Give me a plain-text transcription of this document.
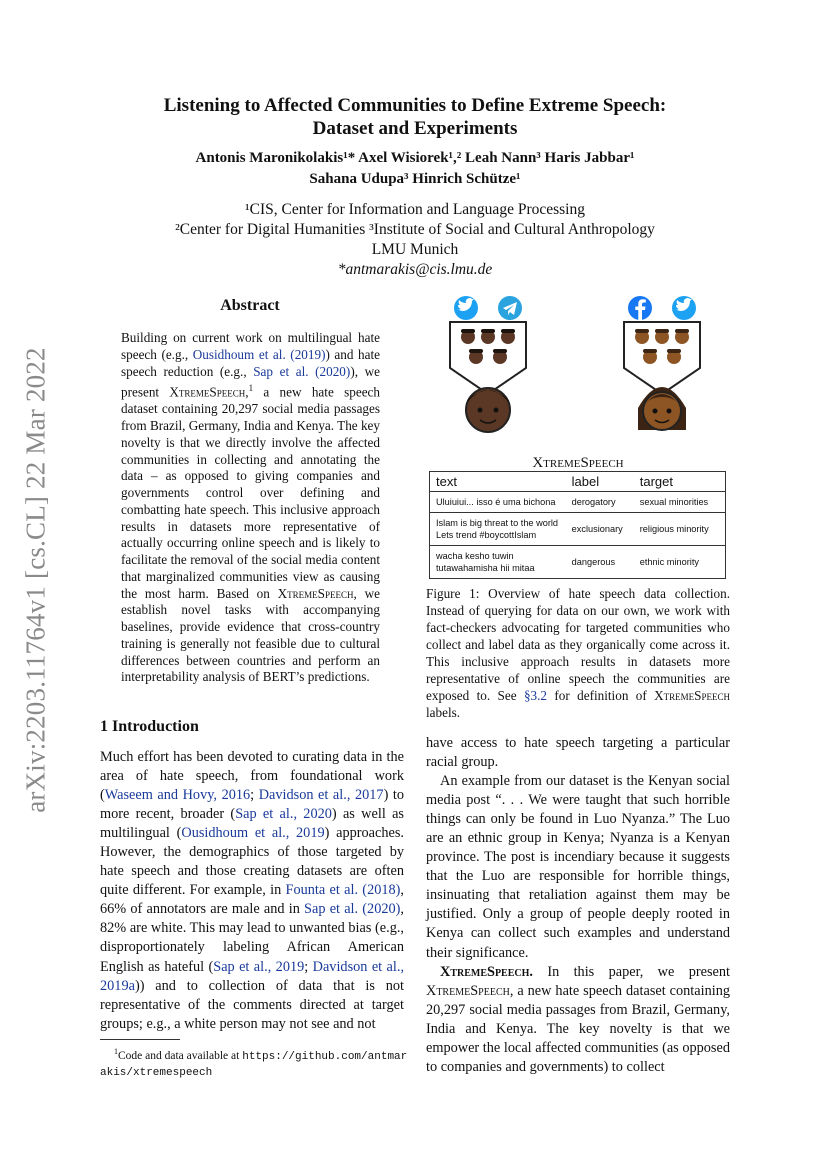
arXiv:2203.11764v1 [cs.CL] 22 Mar 2022
Listening to Affected Communities to Define Extreme Speech:
Dataset and Experiments
Antonis Maronikolakis¹* Axel Wisiorek¹,² Leah Nann³ Haris Jabbar¹
Sahana Udupa³ Hinrich Schütze¹
¹CIS, Center for Information and Language Processing
²Center for Digital Humanities ³Institute of Social and Cultural Anthropology
LMU Munich
*antmarakis@cis.lmu.de
Abstract
Building on current work on multilingual hate speech (e.g., Ousidhoum et al. (2019)) and hate speech reduction (e.g., Sap et al. (2020)), we present XtremeSpeech,$^1$ a new hate speech dataset containing 20,297 social media passages from Brazil, Germany, India and Kenya. The key novelty is that we directly involve the affected communities in collecting and annotating the data – as opposed to giving companies and governments control over defining and combatting hate speech. This inclusive approach results in datasets more representative of actually occurring online speech and is likely to facilitate the removal of the social media content that marginalized communities view as causing the most harm. Based on XtremeSpeech, we establish novel tasks with accompanying baselines, provide evidence that cross-country training is generally not feasible due to cultural differences between countries and perform an interpretability analysis of BERT’s predictions.
XtremeSpeech
text	label	target
Uluiuiui... isso é uma bichona	derogatory	sexual minorities
Islam is big threat to the world Lets trend #boycottIslam	exclusionary	religious minority
wacha kesho tuwin tutawahamisha hii mitaa	dangerous	ethnic minority
Figure 1: Overview of hate speech data collection. Instead of querying for data on our own, we work with fact-checkers advocating for targeted communities who collect and label data as they organically come across it. This inclusive approach results in datasets more representative of online speech the communities are exposed to. See §3.2 for definition of XtremeSpeech labels.
1 Introduction

Much effort has been devoted to curating data in the area of hate speech, from foundational work (Waseem and Hovy, 2016; Davidson et al., 2017) to more recent, broader (Sap et al., 2020) as well as multilingual (Ousidhoum et al., 2019) approaches. However, the demographics of those targeted by hate speech and those creating datasets are often quite different. For example, in Founta et al. (2018), 66% of annotators are male and in Sap et al. (2020), 82% are white. This may lead to unwanted bias (e.g., disproportionately labeling African American English as hateful (Sap et al., 2019; Davidson et al., 2019a)) and to collection of data that is not representative of the comments directed at target groups; e.g., a white person may not see and not

have access to hate speech targeting a particular racial group.

An example from our dataset is the Kenyan social media post “. . . We were taught that such horrible things can only be found in Luo Nyanza.” The Luo are an ethnic group in Kenya; Nyanza is a Kenyan province. The post is incendiary because it suggests that the Luo are responsible for horrible things, insinuating that retaliation against them may be justified. Only a group of people deeply rooted in Kenya can collect such examples and understand their significance.

XtremeSpeech. In this paper, we present XtremeSpeech, a new hate speech dataset containing 20,297 social media passages from Brazil, Germany, India and Kenya. The key novelty is that we empower the local affected communities (as opposed to companies and governments) to collect

$^1$Code and data available at https://github.com/antmarakis/xtremespeech
